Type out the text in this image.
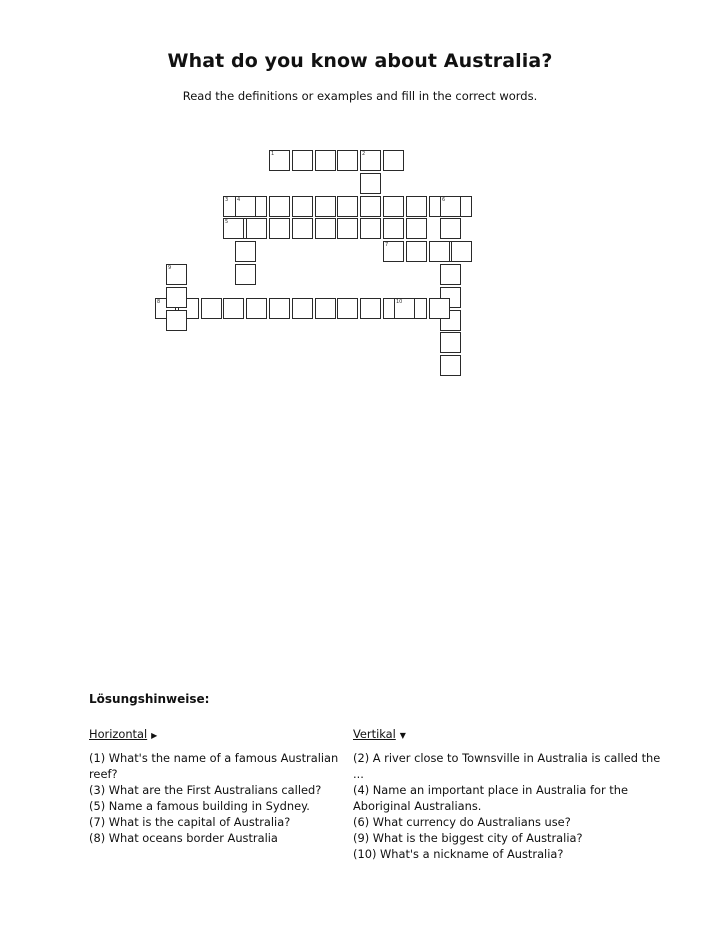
What do you know about Australia?
Read the definitions or examples and fill in the correct words.
1	2
3 4
5
6
7
8
9
10
Lösungshinweise:
Horizontal ▶
(1) What's the name of a famous Australian reef?
(3) What are the First Australians called?
(5) Name a famous building in Sydney.
(7) What is the capital of Australia?
(8) What oceans border Australia
Vertikal ▼
(2) A river close to Townsville in Australia is called the ...
(4) Name an important place in Australia for the Aboriginal Australians.
(6) What currency do Australians use?
(9) What is the biggest city of Australia?
(10) What's a nickname of Australia?
